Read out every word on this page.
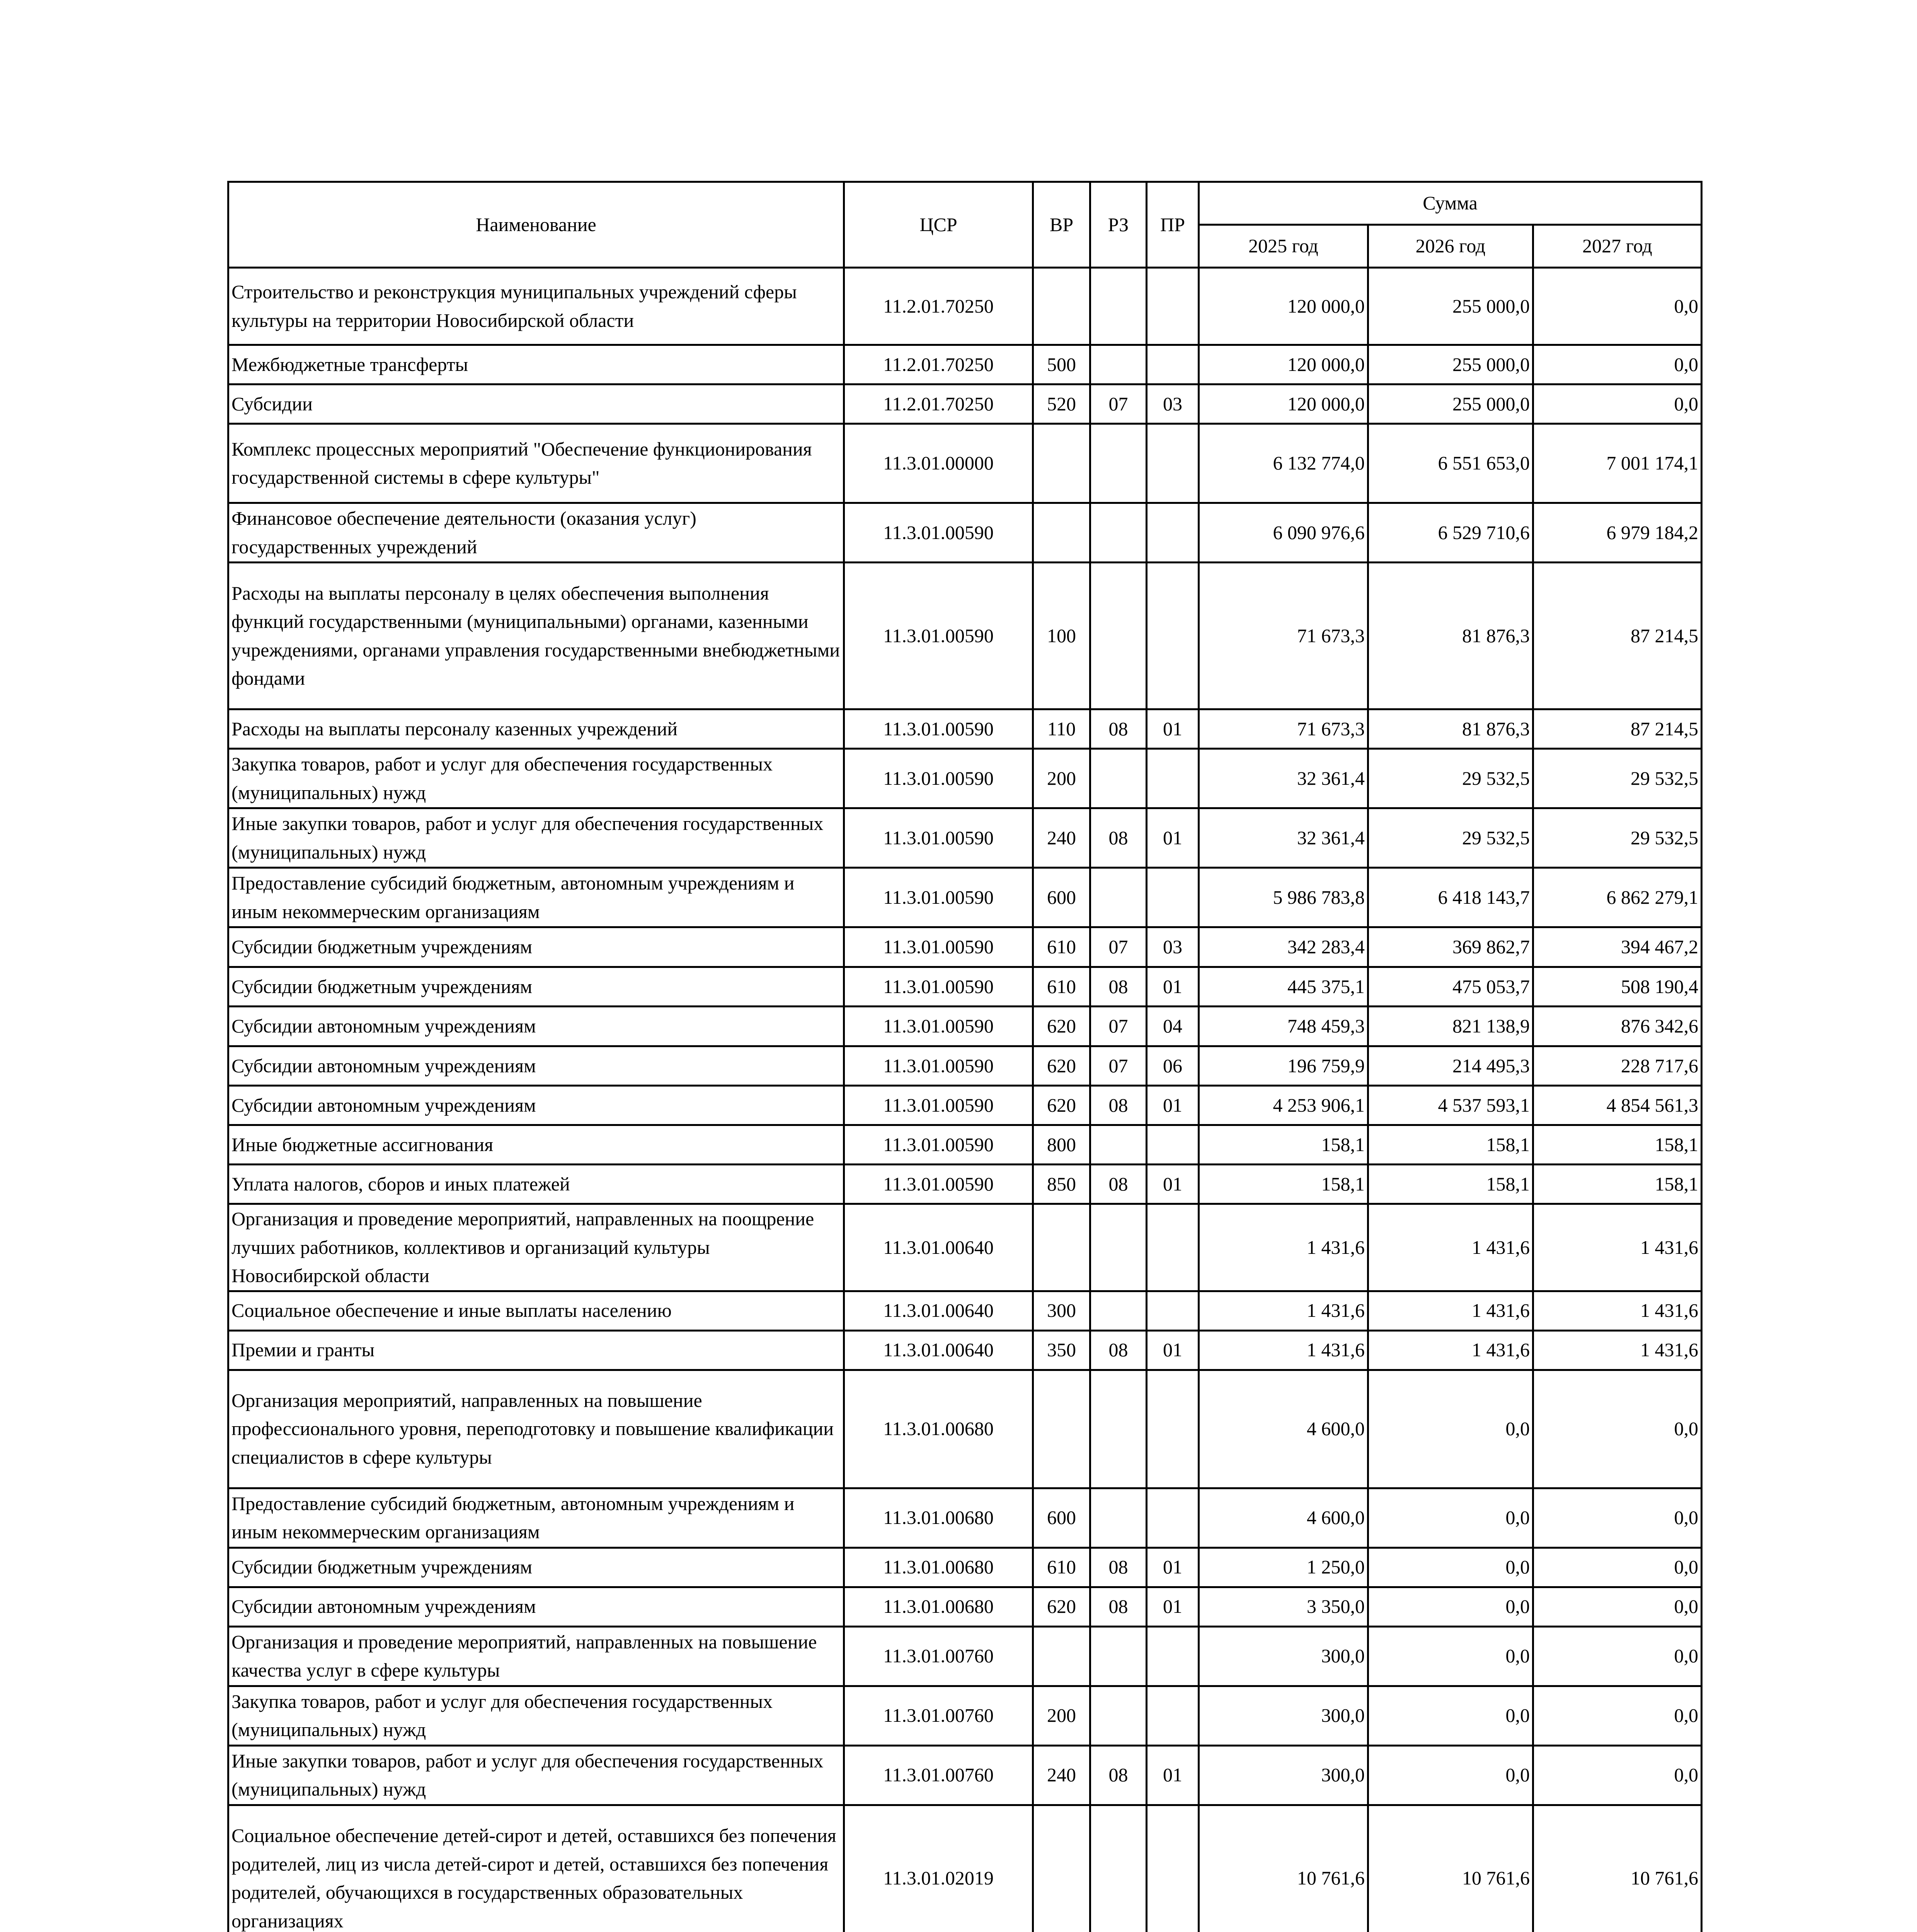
Наименование	ЦСР	ВР	РЗ	ПР	Сумма		
					2025 год	2026 год	2027 год
Строительство и реконструкция муниципальных учреждений сферы культуры на территории Новосибирской области	11.2.01.70250				120 000,0	255 000,0	0,0
Межбюджетные трансферты	11.2.01.70250	500			120 000,0	255 000,0	0,0
Субсидии	11.2.01.70250	520	07	03	120 000,0	255 000,0	0,0
Комплекс процессных мероприятий "Обеспечение функционирования государственной системы в сфере культуры"	11.3.01.00000				6 132 774,0	6 551 653,0	7 001 174,1
Финансовое обеспечение деятельности (оказания услуг) государственных учреждений	11.3.01.00590				6 090 976,6	6 529 710,6	6 979 184,2
Расходы на выплаты персоналу в целях обеспечения выполнения функций государственными (муниципальными) органами, казенными учреждениями, органами управления государственными внебюджетными фондами	11.3.01.00590	100			71 673,3	81 876,3	87 214,5
Расходы на выплаты персоналу казенных учреждений	11.3.01.00590	110	08	01	71 673,3	81 876,3	87 214,5
Закупка товаров, работ и услуг для обеспечения государственных (муниципальных) нужд	11.3.01.00590	200			32 361,4	29 532,5	29 532,5
Иные закупки товаров, работ и услуг для обеспечения государственных (муниципальных) нужд	11.3.01.00590	240	08	01	32 361,4	29 532,5	29 532,5
Предоставление субсидий бюджетным, автономным учреждениям и иным некоммерческим организациям	11.3.01.00590	600			5 986 783,8	6 418 143,7	6 862 279,1
Субсидии бюджетным учреждениям	11.3.01.00590	610	07	03	342 283,4	369 862,7	394 467,2
Субсидии бюджетным учреждениям	11.3.01.00590	610	08	01	445 375,1	475 053,7	508 190,4
Субсидии автономным учреждениям	11.3.01.00590	620	07	04	748 459,3	821 138,9	876 342,6
Субсидии автономным учреждениям	11.3.01.00590	620	07	06	196 759,9	214 495,3	228 717,6
Субсидии автономным учреждениям	11.3.01.00590	620	08	01	4 253 906,1	4 537 593,1	4 854 561,3
Иные бюджетные ассигнования	11.3.01.00590	800			158,1	158,1	158,1
Уплата налогов, сборов и иных платежей	11.3.01.00590	850	08	01	158,1	158,1	158,1
Организация и проведение мероприятий, направленных на поощрение лучших работников, коллективов и организаций культуры Новосибирской области	11.3.01.00640				1 431,6	1 431,6	1 431,6
Социальное обеспечение и иные выплаты населению	11.3.01.00640	300			1 431,6	1 431,6	1 431,6
Премии и гранты	11.3.01.00640	350	08	01	1 431,6	1 431,6	1 431,6
Организация мероприятий, направленных на повышение профессионального уровня, переподготовку и повышение квалификации специалистов в сфере культуры	11.3.01.00680				4 600,0	0,0	0,0
Предоставление субсидий бюджетным, автономным учреждениям и иным некоммерческим организациям	11.3.01.00680	600			4 600,0	0,0	0,0
Субсидии бюджетным учреждениям	11.3.01.00680	610	08	01	1 250,0	0,0	0,0
Субсидии автономным учреждениям	11.3.01.00680	620	08	01	3 350,0	0,0	0,0
Организация и проведение мероприятий, направленных на повышение качества услуг в сфере культуры	11.3.01.00760				300,0	0,0	0,0
Закупка товаров, работ и услуг для обеспечения государственных (муниципальных) нужд	11.3.01.00760	200			300,0	0,0	0,0
Иные закупки товаров, работ и услуг для обеспечения государственных (муниципальных) нужд	11.3.01.00760	240	08	01	300,0	0,0	0,0
Социальное обеспечение детей-сирот и детей, оставшихся без попечения родителей, лиц из числа детей-сирот и детей, оставшихся без попечения родителей, обучающихся в государственных образовательных организациях	11.3.01.02019				10 761,6	10 761,6	10 761,6
